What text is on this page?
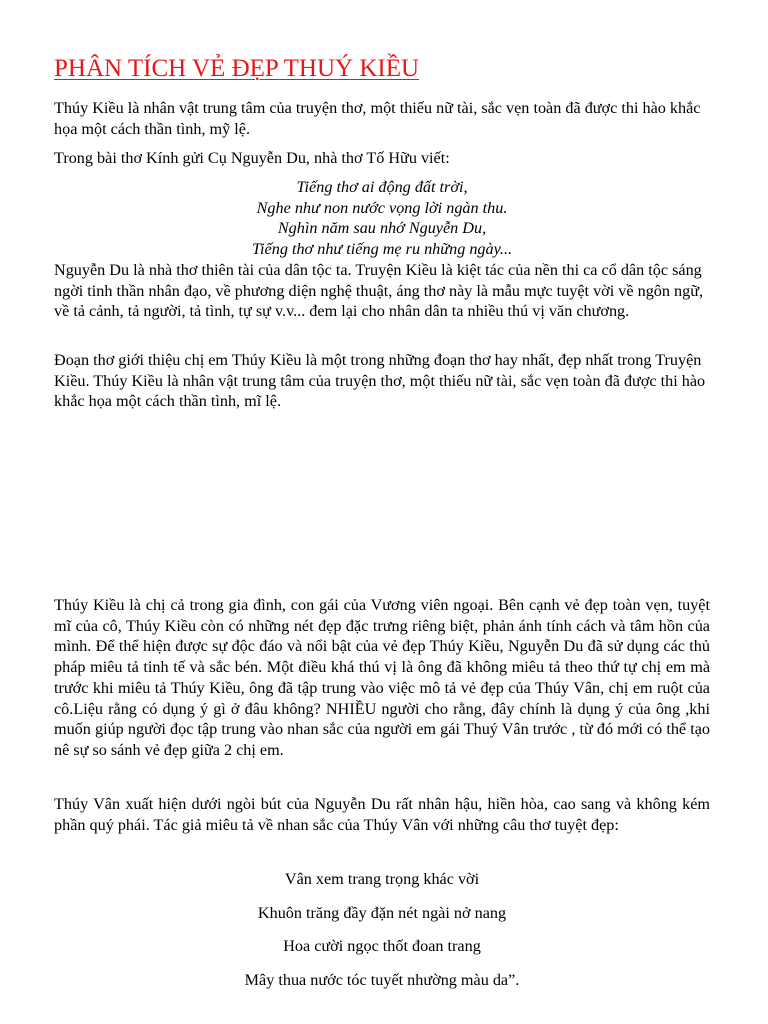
PHÂN TÍCH VẺ ĐẸP THUÝ KIỀU

Thúy Kiều là nhân vật trung tâm của truyện thơ, một thiếu nữ tài, sắc vẹn toàn đã được thi hào khắc họa một cách thần tình, mỹ lệ.

Trong bài thơ Kính gửi Cụ Nguyễn Du, nhà thơ Tố Hữu viết:

Tiếng thơ ai động đất trời,
Nghe như non nước vọng lời ngàn thu.
Nghìn năm sau nhớ Nguyễn Du,
Tiếng thơ như tiếng mẹ ru những ngày...

Nguyễn Du là nhà thơ thiên tài của dân tộc ta. Truyện Kiều là kiệt tác của nền thi ca cổ dân tộc sáng ngời tinh thần nhân đạo, về phương diện nghệ thuật, áng thơ này là mẫu mực tuyệt vời về ngôn ngữ, về tả cảnh, tả người, tả tình, tự sự v.v... đem lại cho nhân dân ta nhiều thú vị văn chương.

Đoạn thơ giới thiệu chị em Thúy Kiều là một trong những đoạn thơ hay nhất, đẹp nhất trong Truyện Kiều. Thúy Kiều là nhân vật trung tâm của truyện thơ, một thiếu nữ tài, sắc vẹn toàn đã được thi hào khắc họa một cách thần tình, mĩ lệ.

Thúy Kiều là chị cả trong gia đình, con gái của Vương viên ngoại. Bên cạnh vẻ đẹp toàn vẹn, tuyệt mĩ của cô, Thúy Kiều còn có những nét đẹp đặc trưng riêng biệt, phản ánh tính cách và tâm hồn của mình. Để thể hiện được sự độc đáo và nổi bật của vẻ đẹp Thúy Kiều, Nguyễn Du đã sử dụng các thủ pháp miêu tả tinh tế và sắc bén. Một điều khá thú vị là ông đã không miêu tả theo thứ tự chị em mà trước khi miêu tả Thúy Kiều, ông đã tập trung vào việc mô tả vẻ đẹp của Thúy Vân, chị em ruột của cô.Liệu rằng có dụng ý gì ở đâu không? NHIỀU người cho rằng, đây chính là dụng ý của ông ,khi muốn giúp người đọc tập trung vào nhan sắc của người em gái Thuý Vân trước , từ đó mới có thể tạo nê sự so sánh vẻ đẹp giữa 2 chị em.

Thúy Vân xuất hiện dưới ngòi bút của Nguyễn Du rất nhân hậu, hiền hòa, cao sang và không kém phần quý phái. Tác giả miêu tả về nhan sắc của Thúy Vân với những câu thơ tuyệt đẹp:

Vân xem trang trọng khác vời

Khuôn trăng đầy đặn nét ngài nở nang

Hoa cười ngọc thốt đoan trang

Mây thua nước tóc tuyết nhường màu da”.
